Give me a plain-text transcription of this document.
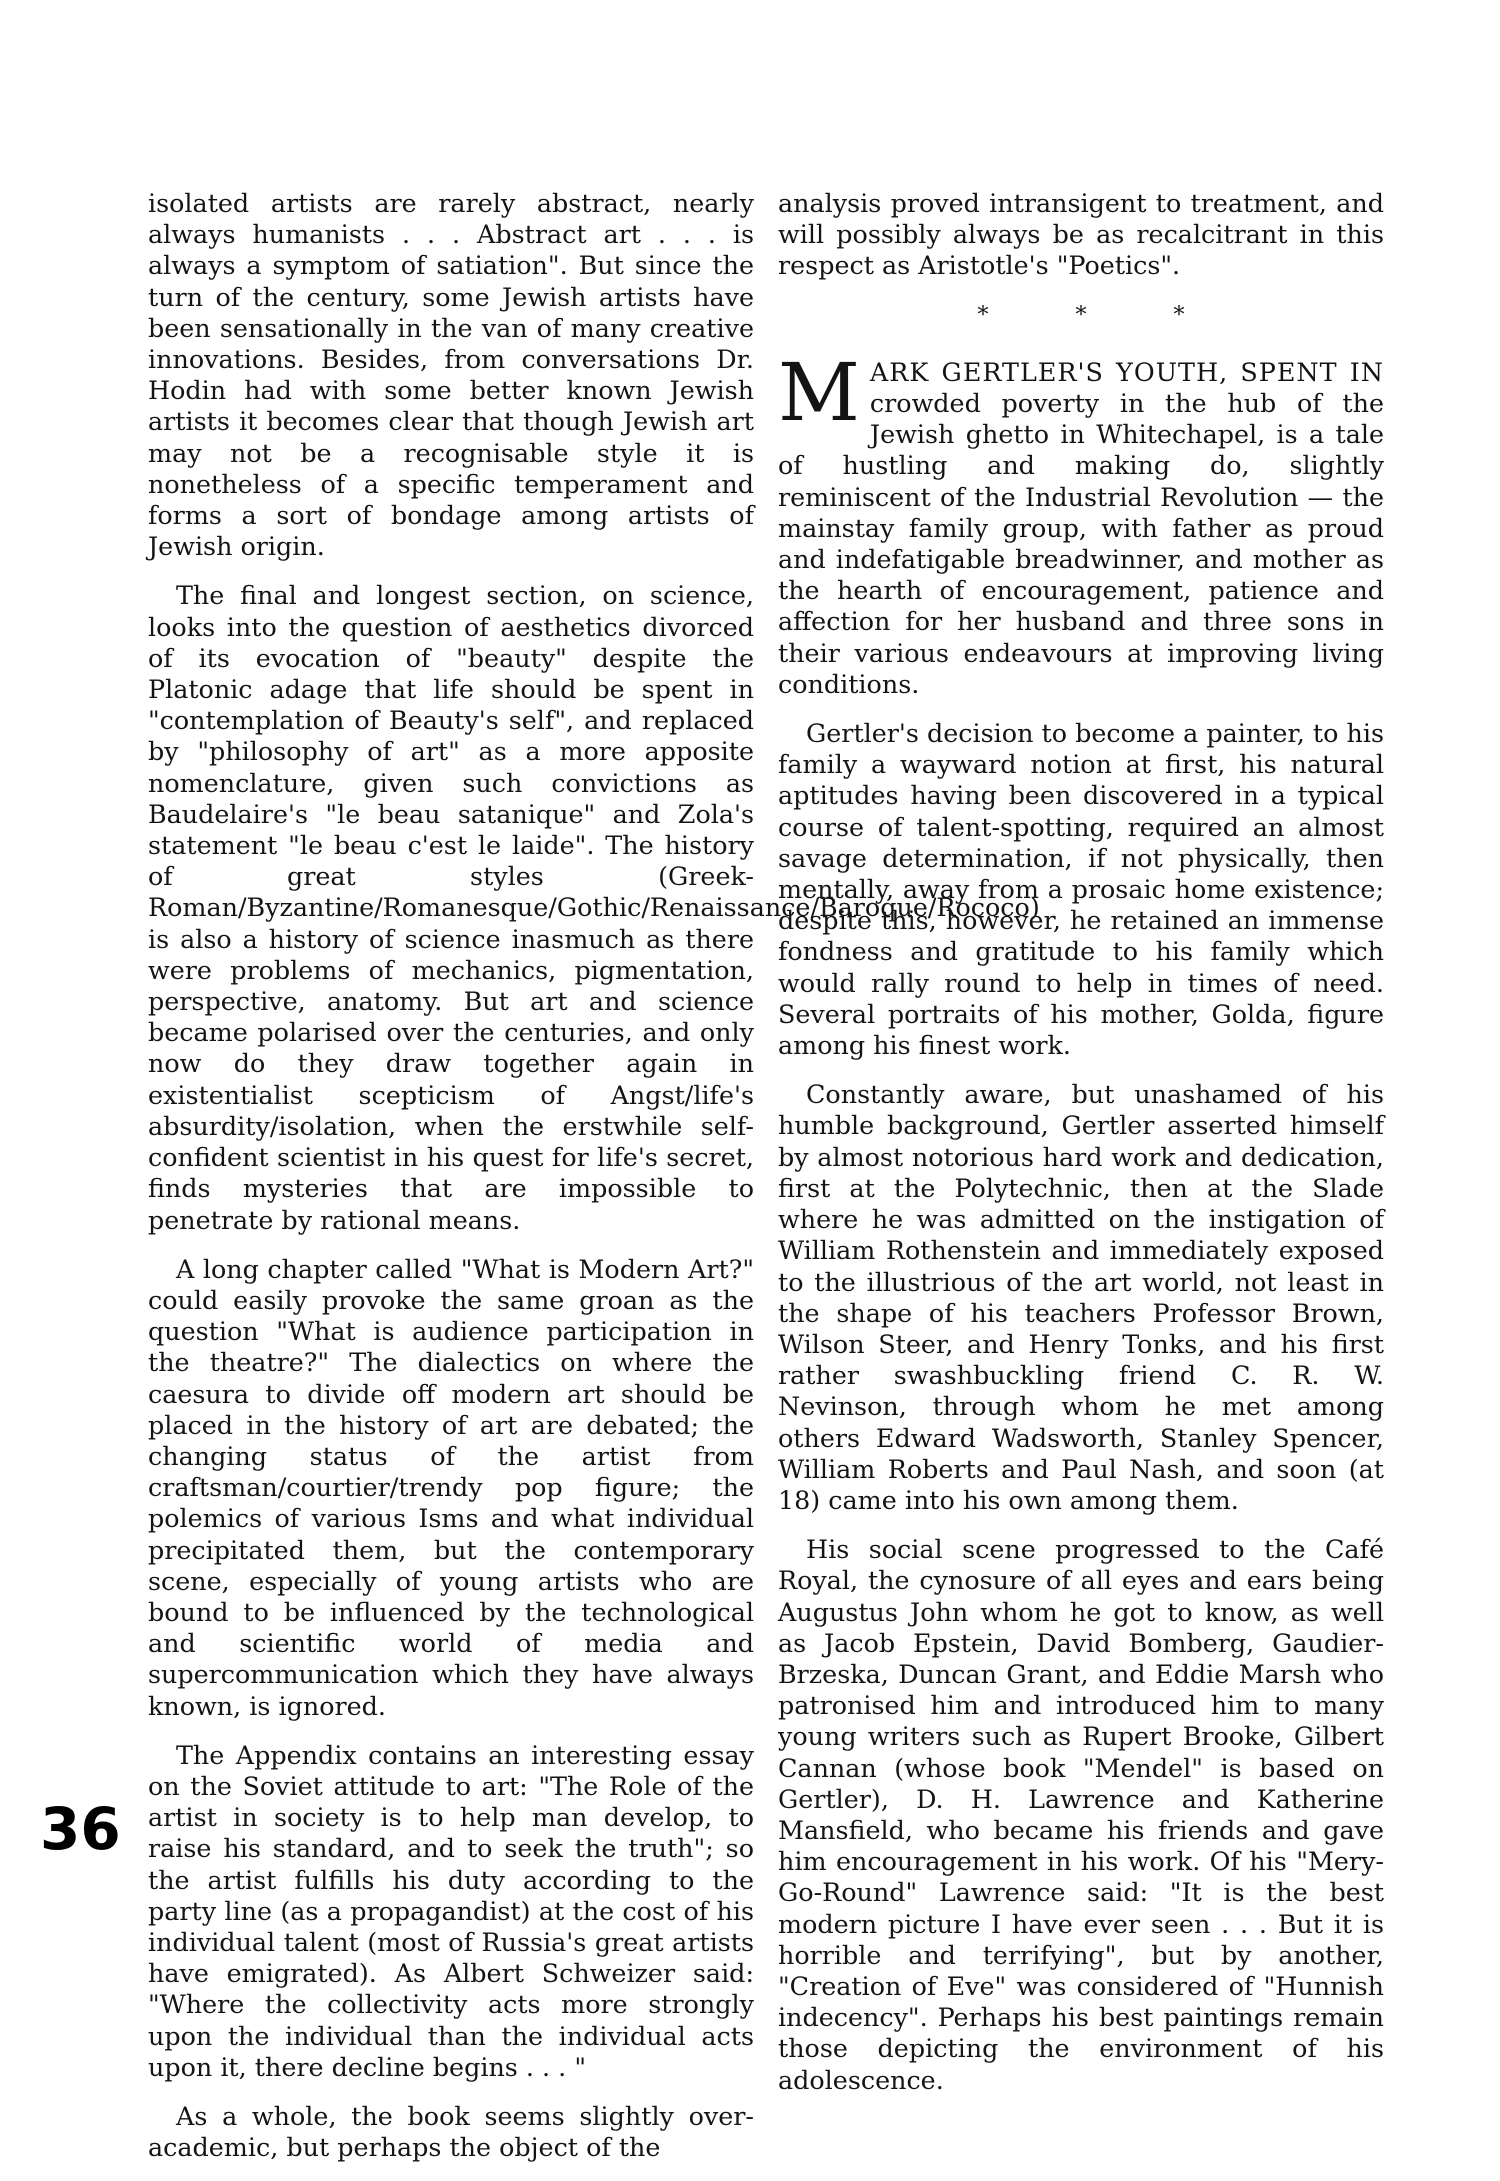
isolated artists are rarely abstract, nearly always humanists . . . Abstract art . . . is always a symptom of satiation". But since the turn of the century, some Jewish artists have been sensationally in the van of many creative innovations. Besides, from conversations Dr. Hodin had with some better known Jewish artists it becomes clear that though Jewish art may not be a recognisable style it is nonetheless of a specific temperament and forms a sort of bondage among artists of Jewish origin.

The final and longest section, on science, looks into the question of aesthetics divorced of its evocation of "beauty" despite the Platonic adage that life should be spent in "contemplation of Beauty's self", and replaced by "philosophy of art" as a more apposite nomenclature, given such convictions as Baudelaire's "le beau satanique" and Zola's statement "le beau c'est le laide". The history of great styles (Greek-Roman/Byzantine/Romanesque/Gothic/Renaissance/Baroque/Rococo) is also a history of science inasmuch as there were problems of mechanics, pigmentation, perspective, anatomy. But art and science became polarised over the centuries, and only now do they draw together again in existentialist scepticism of Angst/life's absurdity/isolation, when the erstwhile self-confident scientist in his quest for life's secret, finds mysteries that are impossible to penetrate by rational means.

A long chapter called "What is Modern Art?" could easily provoke the same groan as the question "What is audience participation in the theatre?" The dialectics on where the caesura to divide off modern art should be placed in the history of art are debated; the changing status of the artist from craftsman/courtier/trendy pop figure; the polemics of various Isms and what individual precipitated them, but the contemporary scene, especially of young artists who are bound to be influenced by the technological and scientific world of media and supercommunication which they have always known, is ignored.

The Appendix contains an interesting essay on the Soviet attitude to art: "The Role of the artist in society is to help man develop, to raise his standard, and to seek the truth"; so the artist fulfills his duty according to the party line (as a propagandist) at the cost of his individual talent (most of Russia's great artists have emigrated). As Albert Schweizer said: "Where the collectivity acts more strongly upon the individual than the individual acts upon it, there decline begins . . . "

As a whole, the book seems slightly over-academic, but perhaps the object of the

analysis proved intransigent to treatment, and will possibly always be as recalcitrant in this respect as Aristotle's "Poetics".

* * *

MARK GERTLER'S YOUTH, SPENT IN crowded poverty in the hub of the Jewish ghetto in Whitechapel, is a tale of hustling and making do, slightly reminiscent of the Industrial Revolution — the mainstay family group, with father as proud and indefatigable breadwinner, and mother as the hearth of encouragement, patience and affection for her husband and three sons in their various endeavours at improving living conditions.

Gertler's decision to become a painter, to his family a wayward notion at first, his natural aptitudes having been discovered in a typical course of talent-spotting, required an almost savage determination, if not physically, then mentally, away from a prosaic home existence; despite this, however, he retained an immense fondness and gratitude to his family which would rally round to help in times of need. Several portraits of his mother, Golda, figure among his finest work.

Constantly aware, but unashamed of his humble background, Gertler asserted himself by almost notorious hard work and dedication, first at the Polytechnic, then at the Slade where he was admitted on the instigation of William Rothenstein and immediately exposed to the illustrious of the art world, not least in the shape of his teachers Professor Brown, Wilson Steer, and Henry Tonks, and his first rather swashbuckling friend C. R. W. Nevinson, through whom he met among others Edward Wadsworth, Stanley Spencer, William Roberts and Paul Nash, and soon (at 18) came into his own among them.

His social scene progressed to the Café Royal, the cynosure of all eyes and ears being Augustus John whom he got to know, as well as Jacob Epstein, David Bomberg, Gaudier-Brzeska, Duncan Grant, and Eddie Marsh who patronised him and introduced him to many young writers such as Rupert Brooke, Gilbert Cannan (whose book "Mendel" is based on Gertler), D. H. Lawrence and Katherine Mansfield, who became his friends and gave him encouragement in his work. Of his "Mery-Go-Round" Lawrence said: "It is the best modern picture I have ever seen . . . But it is horrible and terrifying", but by another, "Creation of Eve" was considered of "Hunnish indecency". Perhaps his best paintings remain those depicting the environment of his adolescence.

36
